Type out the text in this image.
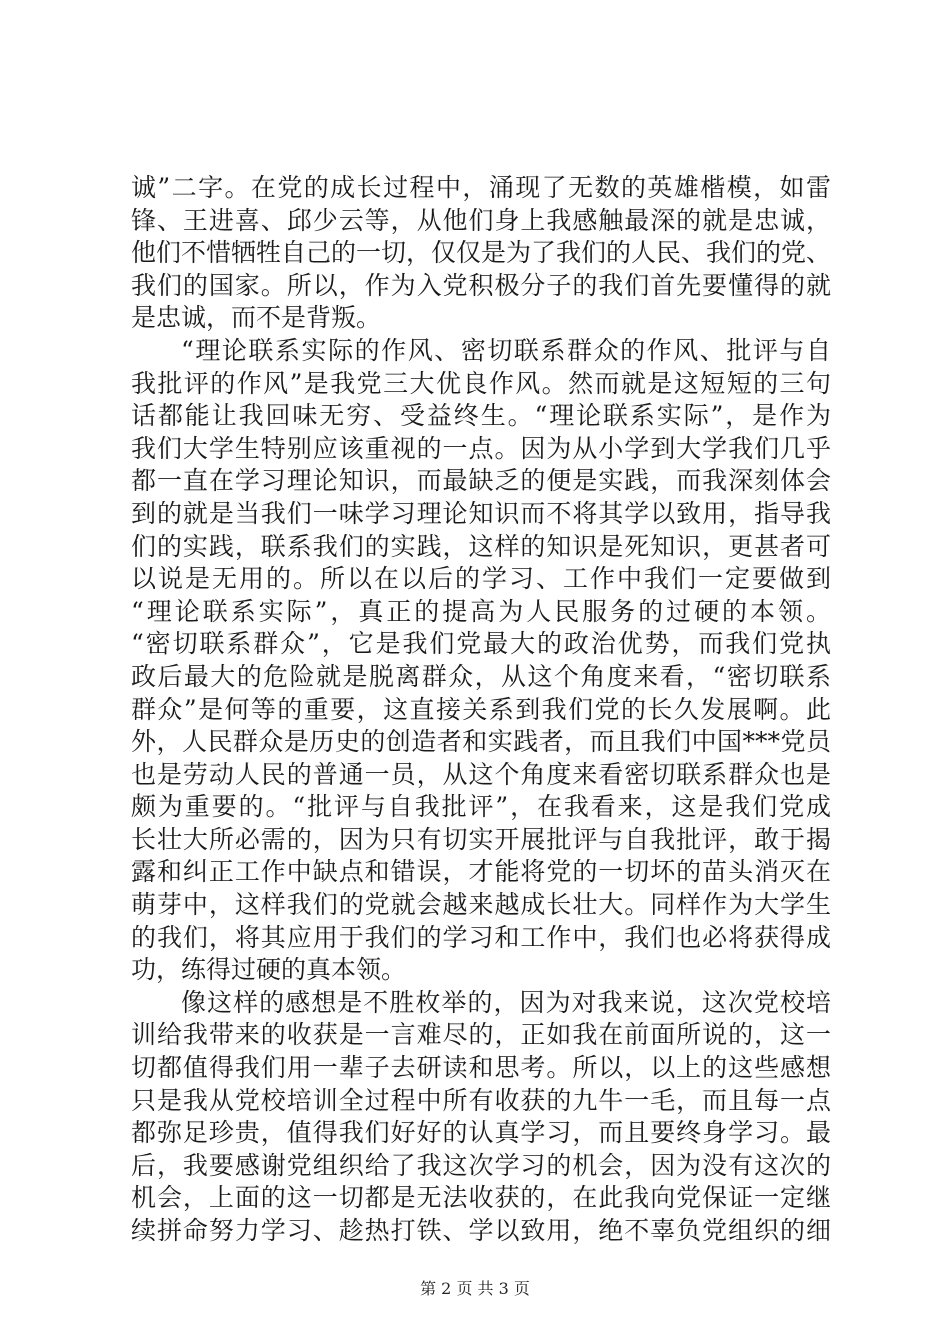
诚”二字。在党的成长过程中，涌现了无数的英雄楷模，如雷
锋、王进喜、邱少云等，从他们身上我感触最深的就是忠诚，
他们不惜牺牲自己的一切，仅仅是为了我们的人民、我们的党、
我们的国家。所以，作为入党积极分子的我们首先要懂得的就
是忠诚，而不是背叛。
“理论联系实际的作风、密切联系群众的作风、批评与自
我批评的作风”是我党三大优良作风。然而就是这短短的三句
话都能让我回味无穷、受益终生。“理论联系实际”，是作为
我们大学生特别应该重视的一点。因为从小学到大学我们几乎
都一直在学习理论知识，而最缺乏的便是实践，而我深刻体会
到的就是当我们一味学习理论知识而不将其学以致用，指导我
们的实践，联系我们的实践，这样的知识是死知识，更甚者可
以说是无用的。所以在以后的学习、工作中我们一定要做到
“理论联系实际”，真正的提高为人民服务的过硬的本领。
“密切联系群众”，它是我们党最大的政治优势，而我们党执
政后最大的危险就是脱离群众，从这个角度来看，“密切联系
群众”是何等的重要，这直接关系到我们党的长久发展啊。此
外，人民群众是历史的创造者和实践者，而且我们中国***党员
也是劳动人民的普通一员，从这个角度来看密切联系群众也是
颇为重要的。“批评与自我批评”，在我看来，这是我们党成
长壮大所必需的，因为只有切实开展批评与自我批评，敢于揭
露和纠正工作中缺点和错误，才能将党的一切坏的苗头消灭在
萌芽中，这样我们的党就会越来越成长壮大。同样作为大学生
的我们，将其应用于我们的学习和工作中，我们也必将获得成
功，练得过硬的真本领。
像这样的感想是不胜枚举的，因为对我来说，这次党校培
训给我带来的收获是一言难尽的，正如我在前面所说的，这一
切都值得我们用一辈子去研读和思考。所以，以上的这些感想
只是我从党校培训全过程中所有收获的九牛一毛，而且每一点
都弥足珍贵，值得我们好好的认真学习，而且要终身学习。最
后，我要感谢党组织给了我这次学习的机会，因为没有这次的
机会，上面的这一切都是无法收获的，在此我向党保证一定继
续拼命努力学习、趁热打铁、学以致用，绝不辜负党组织的细
第 2 页 共 3 页
